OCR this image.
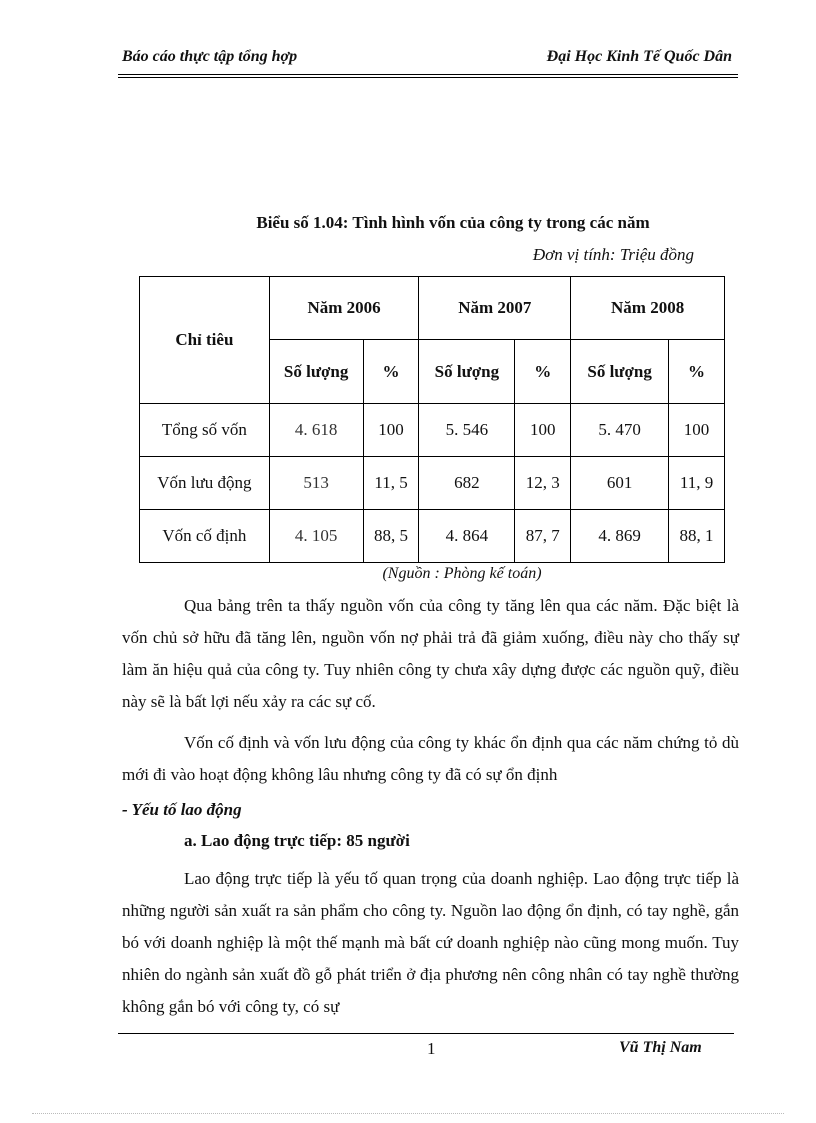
Báo cáo thực tập tổng hợp	Đại Học Kinh Tế Quốc Dân
Biểu số 1.04: Tình hình vốn của công ty trong các năm
Đơn vị tính: Triệu đồng
Chỉ tiêu	Năm 2006		Năm 2007		Năm 2008	
	Số lượng	%	Số lượng	%	Số lượng	%
Tổng số vốn	4. 618	100	5. 546	100	5. 470	100
Vốn lưu động	513	11, 5	682	12, 3	601	11, 9
Vốn cố định	4. 105	88, 5	4. 864	87, 7	4. 869	88, 1
(Nguồn : Phòng kế toán)
Qua bảng trên ta thấy nguồn vốn của công ty tăng lên qua các năm. Đặc biệt là vốn chủ sở hữu đã tăng lên, nguồn vốn nợ phải trả đã giảm xuống, điều này cho thấy sự làm ăn hiệu quả của công ty. Tuy nhiên công ty chưa xây dựng được các nguồn quỹ, điều này sẽ là bất lợi nếu xảy ra các sự cố.
Vốn cố định và vốn lưu động của công ty khác ổn định qua các năm chứng tỏ dù mới đi vào hoạt động không lâu nhưng công ty đã có sự ổn định
- Yếu tố lao động
a. Lao động trực tiếp: 85 người
Lao động trực tiếp là yếu tố quan trọng của doanh nghiệp. Lao động trực tiếp là những người sản xuất ra sản phẩm cho công ty. Nguồn lao động ổn định, có tay nghề, gắn bó với doanh nghiệp là một thế mạnh mà bất cứ doanh nghiệp nào cũng mong muốn. Tuy nhiên do ngành sản xuất đồ gỗ phát triển ở địa phương nên công nhân có tay nghề thường không gắn bó với công ty, có sự
1	Vũ Thị Nam
